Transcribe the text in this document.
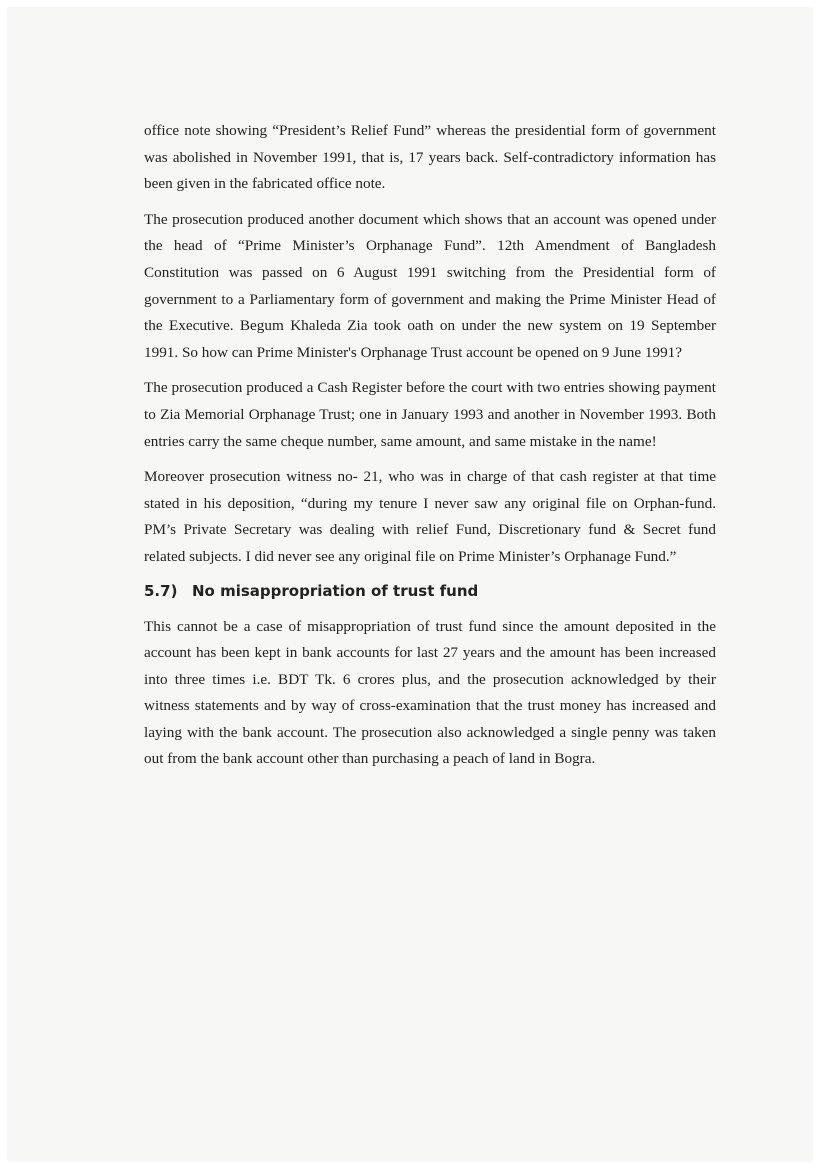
office note showing “President’s Relief Fund” whereas the presidential form of government was abolished in November 1991, that is, 17 years back. Self-contradictory information has been given in the fabricated office note.

The prosecution produced another document which shows that an account was opened under the head of “Prime Minister’s Orphanage Fund”. 12th Amendment of Bangladesh Constitution was passed on 6 August 1991 switching from the Presidential form of government to a Parliamentary form of government and making the Prime Minister Head of the Executive. Begum Khaleda Zia took oath on under the new system on 19 September 1991. So how can Prime Minister's Orphanage Trust account be opened on 9 June 1991?

The prosecution produced a Cash Register before the court with two entries showing payment to Zia Memorial Orphanage Trust; one in January 1993 and another in November 1993. Both entries carry the same cheque number, same amount, and same mistake in the name!

Moreover prosecution witness no- 21, who was in charge of that cash register at that time stated in his deposition, “during my tenure I never saw any original file on Orphan-fund. PM’s Private Secretary was dealing with relief Fund, Discretionary fund & Secret fund related subjects. I did never see any original file on Prime Minister’s Orphanage Fund.”

5.7) No misappropriation of trust fund

This cannot be a case of misappropriation of trust fund since the amount deposited in the account has been kept in bank accounts for last 27 years and the amount has been increased into three times i.e. BDT Tk. 6 crores plus, and the prosecution acknowledged by their witness statements and by way of cross-examination that the trust money has increased and laying with the bank account. The prosecution also acknowledged a single penny was taken out from the bank account other than purchasing a peach of land in Bogra.
